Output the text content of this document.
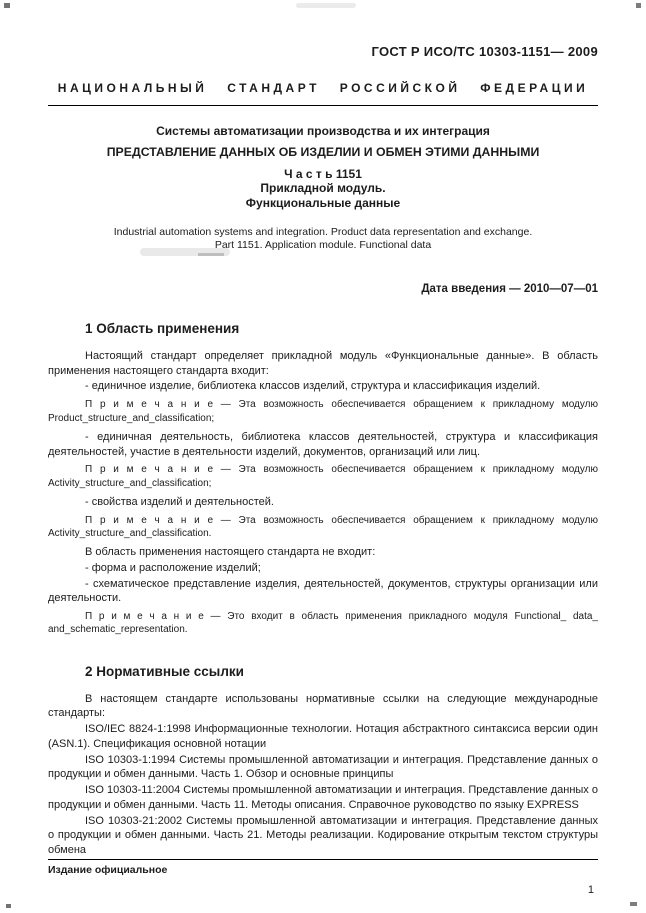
ГОСТ Р ИСО/ТС 10303-1151— 2009
НАЦИОНАЛЬНЫЙ СТАНДАРТ РОССИЙСКОЙ ФЕДЕРАЦИИ
Системы автоматизации производства и их интеграция
ПРЕДСТАВЛЕНИЕ ДАННЫХ ОБ ИЗДЕЛИИ И ОБМЕН ЭТИМИ ДАННЫМИ
Ч а с т ь 1151
Прикладной модуль.
Функциональные данные
Industrial automation systems and integration. Product data representation and exchange.
Part 1151. Application module. Functional data
Дата введения — 2010—07—01
1 Область применения

Настоящий стандарт определяет прикладной модуль «Функциональные данные». В область применения настоящего стандарта входит:

- единичное изделие, библиотека классов изделий, структура и классификация изделий.

П р и м е ч а н и е — Эта возможность обеспечивается обращением к прикладному модулю Product_structure_and_classification;

- единичная деятельность, библиотека классов деятельностей, структура и классификация деятельностей, участие в деятельности изделий, документов, организаций или лиц.

П р и м е ч а н и е — Эта возможность обеспечивается обращением к прикладному модулю Activity_structure_and_classification;

- свойства изделий и деятельностей.

П р и м е ч а н и е — Эта возможность обеспечивается обращением к прикладному модулю Activity_structure_and_classification.

В область применения настоящего стандарта не входит:

- форма и расположение изделий;

- схематическое представление изделия, деятельностей, документов, структуры организации или деятельности.

П р и м е ч а н и е — Это входит в область применения прикладного модуля Functional_ data_ and_schematic_representation.

2 Нормативные ссылки

В настоящем стандарте использованы нормативные ссылки на следующие международные стандарты:

ISO/IEC 8824-1:1998 Информационные технологии. Нотация абстрактного синтаксиса версии один (ASN.1). Спецификация основной нотации

ISO 10303-1:1994 Системы промышленной автоматизации и интеграция. Представление данных о продукции и обмен данными. Часть 1. Обзор и основные принципы

ISO 10303-11:2004 Системы промышленной автоматизации и интеграция. Представление данных о продукции и обмен данными. Часть 11. Методы описания. Справочное руководство по языку EXPRESS

ISO 10303-21:2002 Системы промышленной автоматизации и интеграция. Представление данных о продукции и обмен данными. Часть 21. Методы реализации. Кодирование открытым текстом структуры обмена

Издание официальное
1
